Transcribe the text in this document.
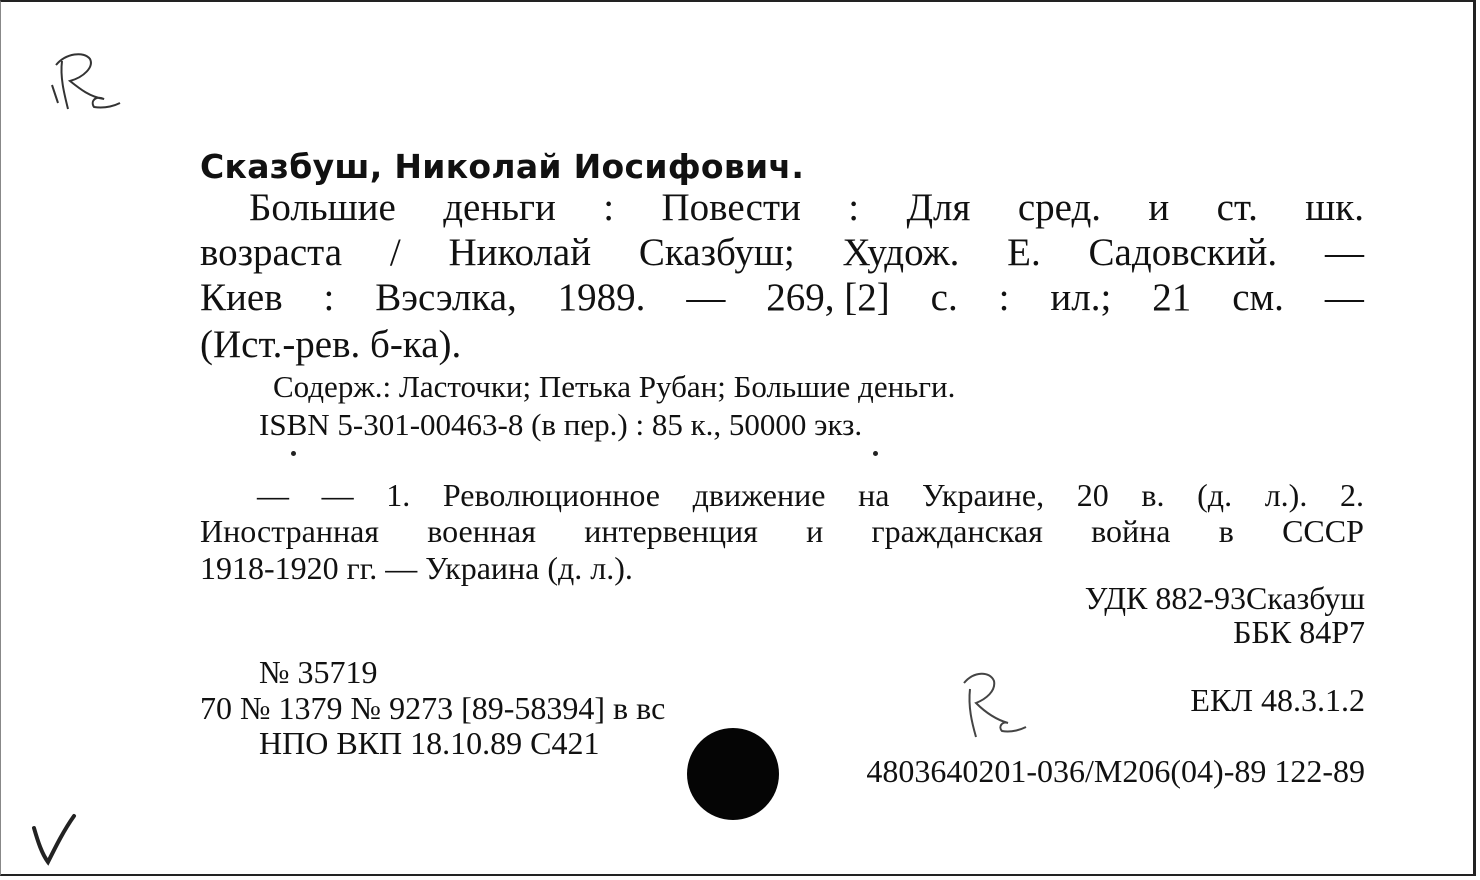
Сказбуш, Николай Иосифович.
Большие деньги : Повести : Для сред. и ст. шк.
возраста / Николай Сказбуш; Худож. Е. Садовский. —
Киев : Вэсэлка, 1989. — 269, [2] с. : ил.; 21 см. —
(Ист.-рев. б-ка).
Содерж.: Ласточки; Петька Рубан; Большие деньги.
ISBN 5-301-00463-8 (в пер.) : 85 к., 50000 экз.
— — 1. Революционное движение на Украине, 20 в. (д. л.). 2.
Иностранная военная интервенция и гражданская война в СССР
1918-1920 гг. — Украина (д. л.).
УДК 882-93Сказбуш
ББК 84Р7
№ 35719
70 № 1379 № 9273 [89-58394] в вс
НПО ВКП 18.10.89 С421
ЕКЛ 48.3.1.2
4803640201-036/М206(04)-89 122-89
